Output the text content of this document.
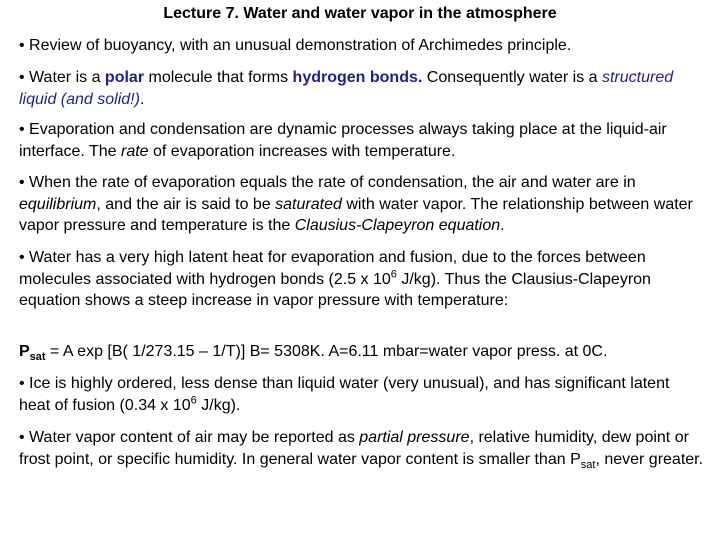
Lecture 7. Water and water vapor in the atmosphere
• Review of buoyancy, with an unusual demonstration of Archimedes principle.
• Water is a polar molecule that forms hydrogen bonds. Consequently water is a structured liquid (and solid!).
• Evaporation and condensation are dynamic processes always taking place at the liquid-air interface. The rate of evaporation increases with temperature.
• When the rate of evaporation equals the rate of condensation, the air and water are in equilibrium, and the air is said to be saturated with water vapor. The relationship between water vapor pressure and temperature is the Clausius-Clapeyron equation.
• Water has a very high latent heat for evaporation and fusion, due to the forces between molecules associated with hydrogen bonds (2.5 x $10^6$ J/kg). Thus the Clausius-Clapeyron equation shows a steep increase in vapor pressure with temperature:
$P_{sat} = A$ exp [B( 1/273.15 – 1/T)] B= 5308K. A=6.11 mbar=water vapor press. at 0C.
• Ice is highly ordered, less dense than liquid water (very unusual), and has significant latent heat of fusion (0.34 x $10^6$ J/kg).
• Water vapor content of air may be reported as partial pressure, relative humidity, dew point or frost point, or specific humidity. In general water vapor content is smaller than $P_{sat}$, never greater.
